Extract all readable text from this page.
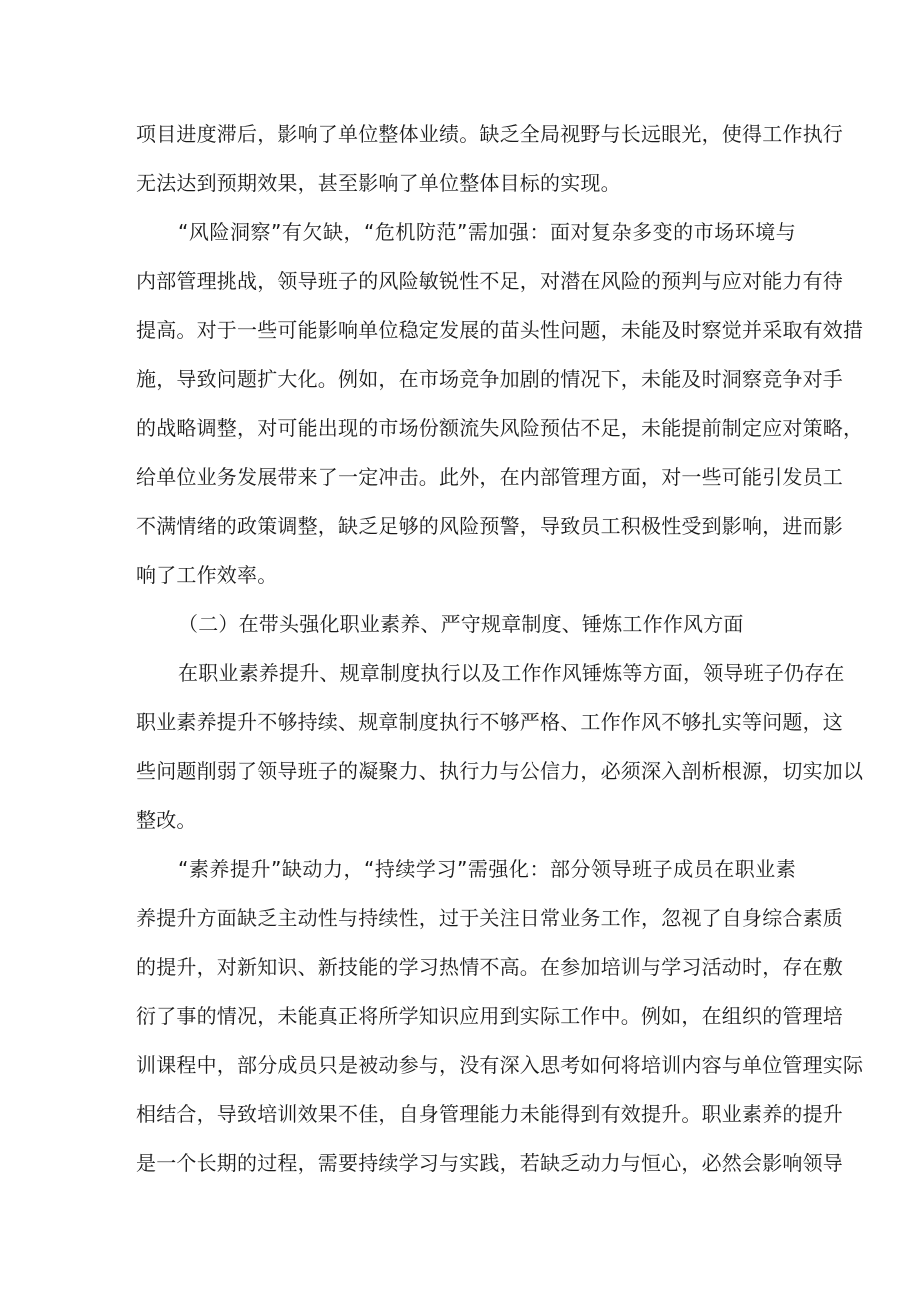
项目进度滞后，影响了单位整体业绩。缺乏全局视野与长远眼光，使得工作执行
无法达到预期效果，甚至影响了单位整体目标的实现。
“风险洞察”有欠缺，“危机防范”需加强：面对复杂多变的市场环境与
内部管理挑战，领导班子的风险敏锐性不足，对潜在风险的预判与应对能力有待
提高。对于一些可能影响单位稳定发展的苗头性问题，未能及时察觉并采取有效措
施，导致问题扩大化。例如，在市场竞争加剧的情况下，未能及时洞察竞争对手
的战略调整，对可能出现的市场份额流失风险预估不足，未能提前制定应对策略，
给单位业务发展带来了一定冲击。此外，在内部管理方面，对一些可能引发员工
不满情绪的政策调整，缺乏足够的风险预警，导致员工积极性受到影响，进而影
响了工作效率。
（二）在带头强化职业素养、严守规章制度、锤炼工作作风方面
在职业素养提升、规章制度执行以及工作作风锤炼等方面，领导班子仍存在
职业素养提升不够持续、规章制度执行不够严格、工作作风不够扎实等问题，这
些问题削弱了领导班子的凝聚力、执行力与公信力，必须深入剖析根源，切实加以
整改。
“素养提升”缺动力，“持续学习”需强化：部分领导班子成员在职业素
养提升方面缺乏主动性与持续性，过于关注日常业务工作，忽视了自身综合素质
的提升，对新知识、新技能的学习热情不高。在参加培训与学习活动时，存在敷
衍了事的情况，未能真正将所学知识应用到实际工作中。例如，在组织的管理培
训课程中，部分成员只是被动参与，没有深入思考如何将培训内容与单位管理实际
相结合，导致培训效果不佳，自身管理能力未能得到有效提升。职业素养的提升
是一个长期的过程，需要持续学习与实践，若缺乏动力与恒心，必然会影响领导
